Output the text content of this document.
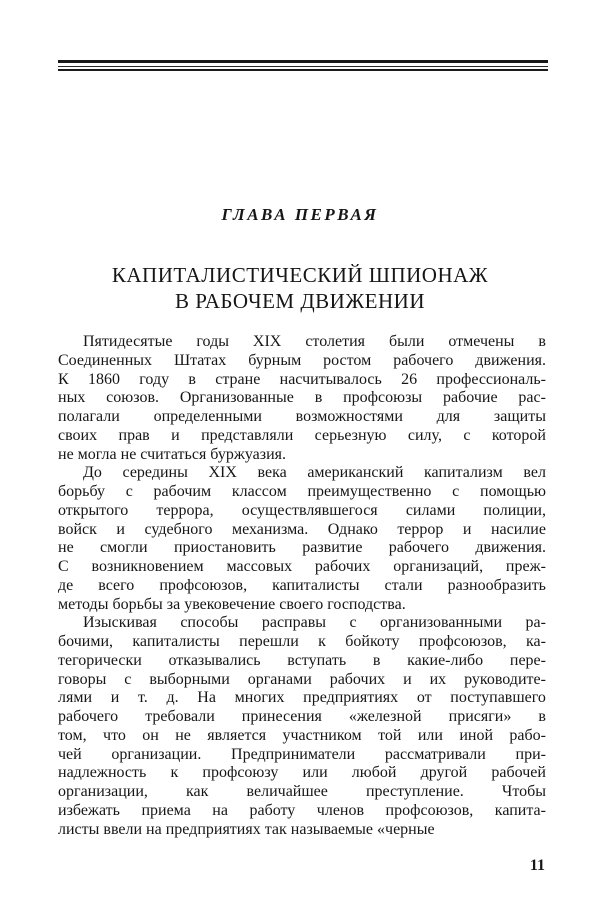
ГЛАВА ПЕРВАЯ
КАПИТАЛИСТИЧЕСКИЙ ШПИОНАЖ
В РАБОЧЕМ ДВИЖЕНИИ
Пятидесятые годы XIX столетия были отмечены в
Соединенных Штатах бурным ростом рабочего движения.
К 1860 году в стране насчитывалось 26 профессиональ-
ных союзов. Организованные в профсоюзы рабочие рас-
полагали определенными возможностями для защиты
своих прав и представляли серьезную силу, с которой
не могла не считаться буржуазия.
До середины XIX века американский капитализм вел
борьбу с рабочим классом преимущественно с помощью
открытого террора, осуществлявшегося силами полиции,
войск и судебного механизма. Однако террор и насилие
не смогли приостановить развитие рабочего движения.
С возникновением массовых рабочих организаций, преж-
де всего профсоюзов, капиталисты стали разнообразить
методы борьбы за увековечение своего господства.
Изыскивая способы расправы с организованными ра-
бочими, капиталисты перешли к бойкоту профсоюзов, ка-
тегорически отказывались вступать в какие-либо пере-
говоры с выборными органами рабочих и их руководите-
лями и т. д. На многих предприятиях от поступавшего
рабочего требовали принесения «железной присяги» в
том, что он не является участником той или иной рабо-
чей организации. Предприниматели рассматривали при-
надлежность к профсоюзу или любой другой рабочей
организации, как величайшее преступление. Чтобы
избежать приема на работу членов профсоюзов, капита-
листы ввели на предприятиях так называемые «черные
11
